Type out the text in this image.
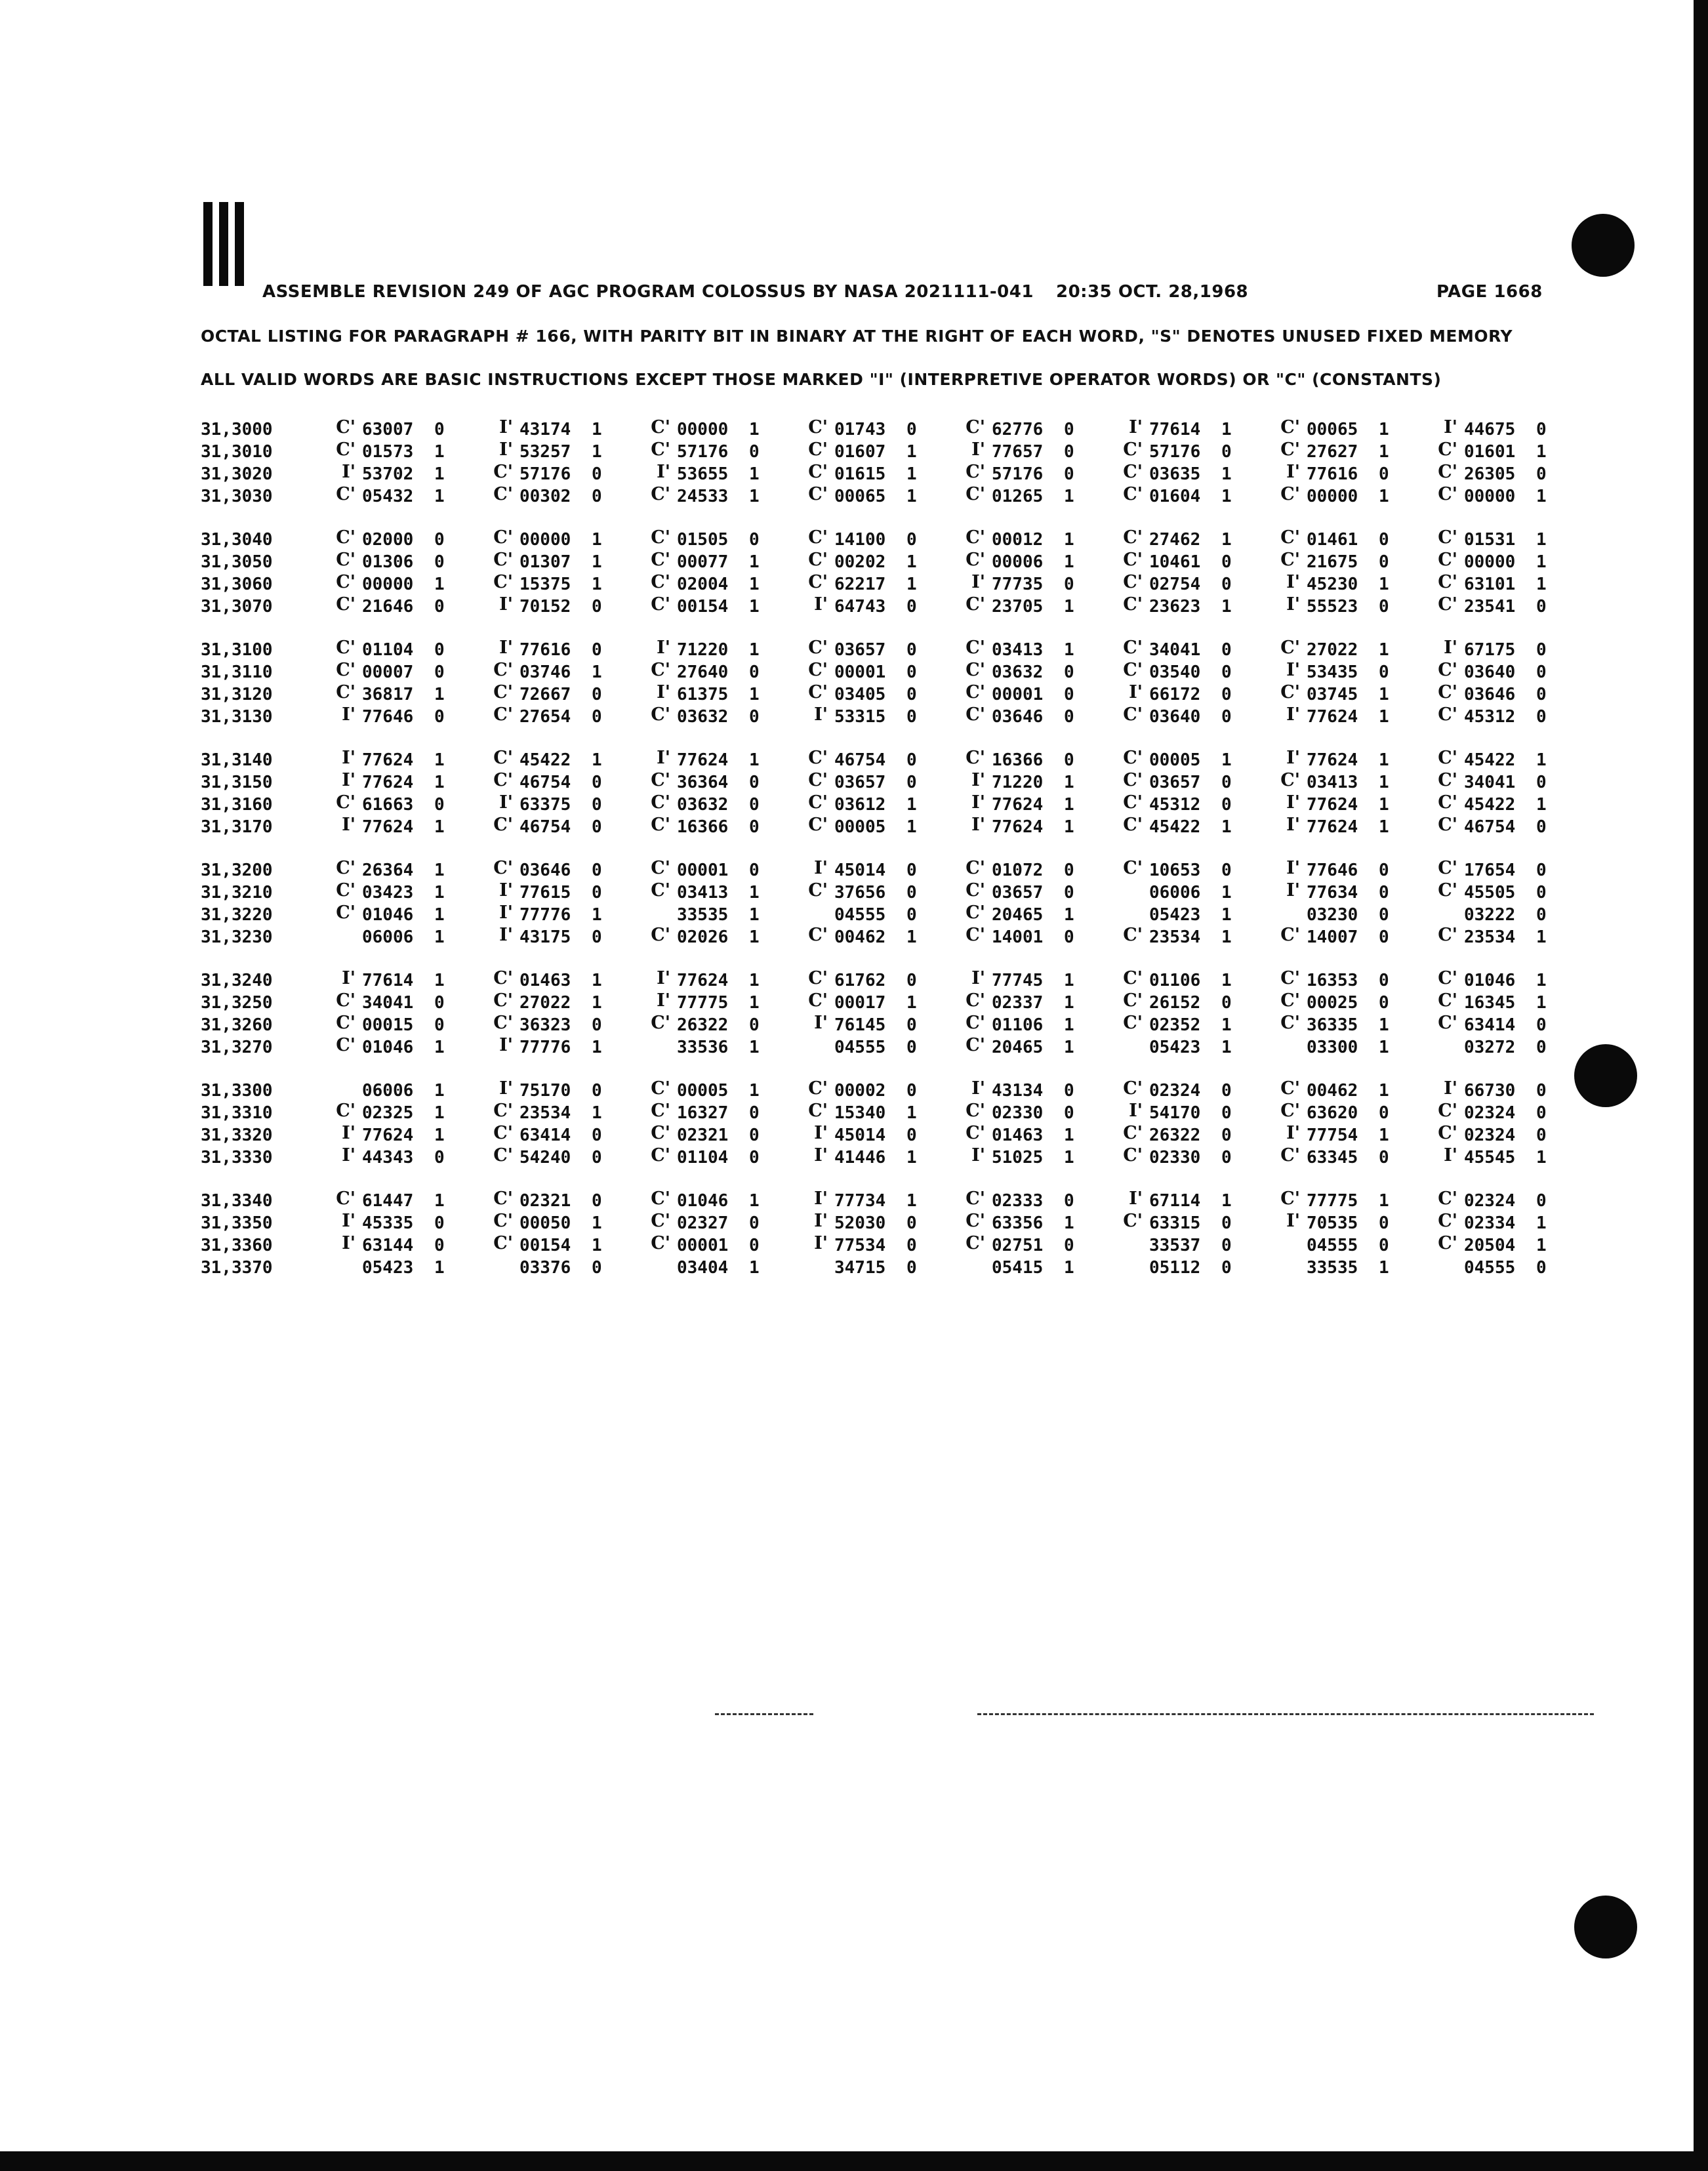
ASSEMBLE REVISION 249 OF AGC PROGRAM COLOSSUS BY NASA 2021111-041 20:35 OCT. 28,1968	PAGE 1668
OCTAL LISTING FOR PARAGRAPH # 166, WITH PARITY BIT IN BINARY AT THE RIGHT OF EACH WORD, "S" DENOTES UNUSED FIXED MEMORY
ALL VALID WORDS ARE BASIC INSTRUCTIONS EXCEPT THOSE MARKED "I" (INTERPRETIVE OPERATOR WORDS) OR "C" (CONSTANTS)
31,3000	C' 63007 0	I' 43174 1	C' 00000 1	C' 01743 0	C' 62776 0	I' 77614 1	C' 00065 1	I' 44675 0
31,3010	C' 01573 1	I' 53257 1	C' 57176 0	C' 01607 1	I' 77657 0	C' 57176 0	C' 27627 1	C' 01601 1
31,3020	I' 53702 1	C' 57176 0	I' 53655 1	C' 01615 1	C' 57176 0	C' 03635 1	I' 77616 0	C' 26305 0
31,3030	C' 05432 1	C' 00302 0	C' 24533 1	C' 00065 1	C' 01265 1	C' 01604 1	C' 00000 1	C' 00000 1
31,3040	C' 02000 0	C' 00000 1	C' 01505 0	C' 14100 0	C' 00012 1	C' 27462 1	C' 01461 0	C' 01531 1
31,3050	C' 01306 0	C' 01307 1	C' 00077 1	C' 00202 1	C' 00006 1	C' 10461 0	C' 21675 0	C' 00000 1
31,3060	C' 00000 1	C' 15375 1	C' 02004 1	C' 62217 1	I' 77735 0	C' 02754 0	I' 45230 1	C' 63101 1
31,3070	C' 21646 0	I' 70152 0	C' 00154 1	I' 64743 0	C' 23705 1	C' 23623 1	I' 55523 0	C' 23541 0
31,3100	C' 01104 0	I' 77616 0	I' 71220 1	C' 03657 0	C' 03413 1	C' 34041 0	C' 27022 1	I' 67175 0
31,3110	C' 00007 0	C' 03746 1	C' 27640 0	C' 00001 0	C' 03632 0	C' 03540 0	I' 53435 0	C' 03640 0
31,3120	C' 36817 1	C' 72667 0	I' 61375 1	C' 03405 0	C' 00001 0	I' 66172 0	C' 03745 1	C' 03646 0
31,3130	I' 77646 0	C' 27654 0	C' 03632 0	I' 53315 0	C' 03646 0	C' 03640 0	I' 77624 1	C' 45312 0
31,3140	I' 77624 1	C' 45422 1	I' 77624 1	C' 46754 0	C' 16366 0	C' 00005 1	I' 77624 1	C' 45422 1
31,3150	I' 77624 1	C' 46754 0	C' 36364 0	C' 03657 0	I' 71220 1	C' 03657 0	C' 03413 1	C' 34041 0
31,3160	C' 61663 0	I' 63375 0	C' 03632 0	C' 03612 1	I' 77624 1	C' 45312 0	I' 77624 1	C' 45422 1
31,3170	I' 77624 1	C' 46754 0	C' 16366 0	C' 00005 1	I' 77624 1	C' 45422 1	I' 77624 1	C' 46754 0
31,3200	C' 26364 1	C' 03646 0	C' 00001 0	I' 45014 0	C' 01072 0	C' 10653 0	I' 77646 0	C' 17654 0
31,3210	C' 03423 1	I' 77615 0	C' 03413 1	C' 37656 0	C' 03657 0	06006 1	I' 77634 0	C' 45505 0
31,3220	C' 01046 1	I' 77776 1	33535 1	04555 0	C' 20465 1	05423 1	03230 0	03222 0
31,3230	06006 1	I' 43175 0	C' 02026 1	C' 00462 1	C' 14001 0	C' 23534 1	C' 14007 0	C' 23534 1
31,3240	I' 77614 1	C' 01463 1	I' 77624 1	C' 61762 0	I' 77745 1	C' 01106 1	C' 16353 0	C' 01046 1
31,3250	C' 34041 0	C' 27022 1	I' 77775 1	C' 00017 1	C' 02337 1	C' 26152 0	C' 00025 0	C' 16345 1
31,3260	C' 00015 0	C' 36323 0	C' 26322 0	I' 76145 0	C' 01106 1	C' 02352 1	C' 36335 1	C' 63414 0
31,3270	C' 01046 1	I' 77776 1	33536 1	04555 0	C' 20465 1	05423 1	03300 1	03272 0
31,3300	06006 1	I' 75170 0	C' 00005 1	C' 00002 0	I' 43134 0	C' 02324 0	C' 00462 1	I' 66730 0
31,3310	C' 02325 1	C' 23534 1	C' 16327 0	C' 15340 1	C' 02330 0	I' 54170 0	C' 63620 0	C' 02324 0
31,3320	I' 77624 1	C' 63414 0	C' 02321 0	I' 45014 0	C' 01463 1	C' 26322 0	I' 77754 1	C' 02324 0
31,3330	I' 44343 0	C' 54240 0	C' 01104 0	I' 41446 1	I' 51025 1	C' 02330 0	C' 63345 0	I' 45545 1
31,3340	C' 61447 1	C' 02321 0	C' 01046 1	I' 77734 1	C' 02333 0	I' 67114 1	C' 77775 1	C' 02324 0
31,3350	I' 45335 0	C' 00050 1	C' 02327 0	I' 52030 0	C' 63356 1	C' 63315 0	I' 70535 0	C' 02334 1
31,3360	I' 63144 0	C' 00154 1	C' 00001 0	I' 77534 0	C' 02751 0	33537 0	04555 0	C' 20504 1
31,3370	05423 1	03376 0	03404 1	34715 0	05415 1	05112 0	33535 1	04555 0
